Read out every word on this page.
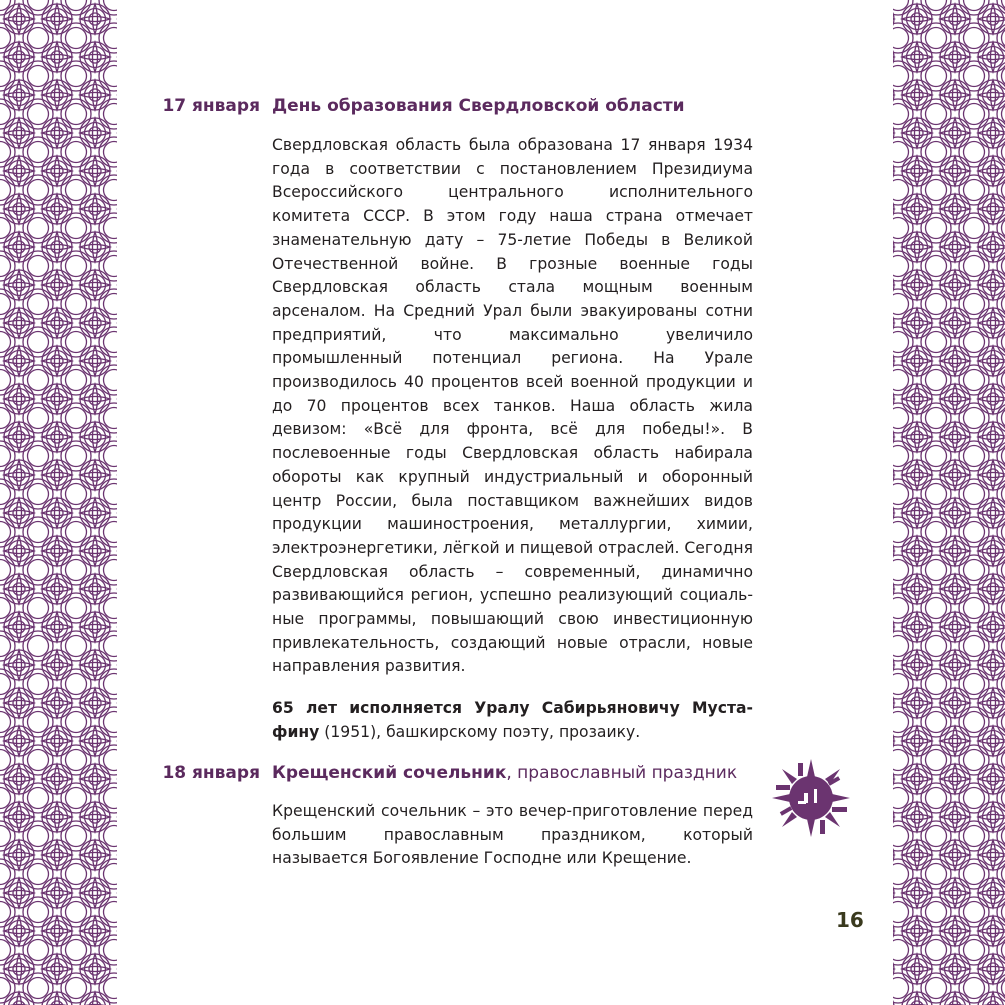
17 января День образования Свердловской области
Свердловская область была образована 17 января 1934 года в соответствии с постановлением Президиума Всероссийского центрального исполнительного комитета СССР. В этом году наша страна отмечает знаменательную дату – 75-летие Победы в Великой Отечественной войне. В грозные военные годы Свердловская область стала мощным военным арсеналом. На Средний Урал были эвакуированы сотни предприятий, что максимально увеличило промышленный потенциал региона. На Урале производилось 40 процентов всей военной продукции и до 70 процентов всех танков. Наша область жила девизом: «Всё для фронта, всё для победы!». В послевоенные годы Свердловская область набирала обороты как крупный индустриальный и оборонный центр России, была поставщиком важнейших видов продукции машиностроения, металлургии, химии, электроэнергетики, лёгкой и пищевой отраслей. Сегодня Свердловская область – современный, динамично развивающийся регион, успешно реализующий социальные программы, повышающий свою инвестиционную привлекательность, создающий новые отрасли, новые направления развития.
65 лет исполняется Уралу Сабирьяновичу Мустафину (1951), башкирскому поэту, прозаику.
18 января Крещенский сочельник, православный праздник
Крещенский сочельник – это вечер-приготовление перед большим православным праздником, который называется Богоявление Господне или Крещение.
16
